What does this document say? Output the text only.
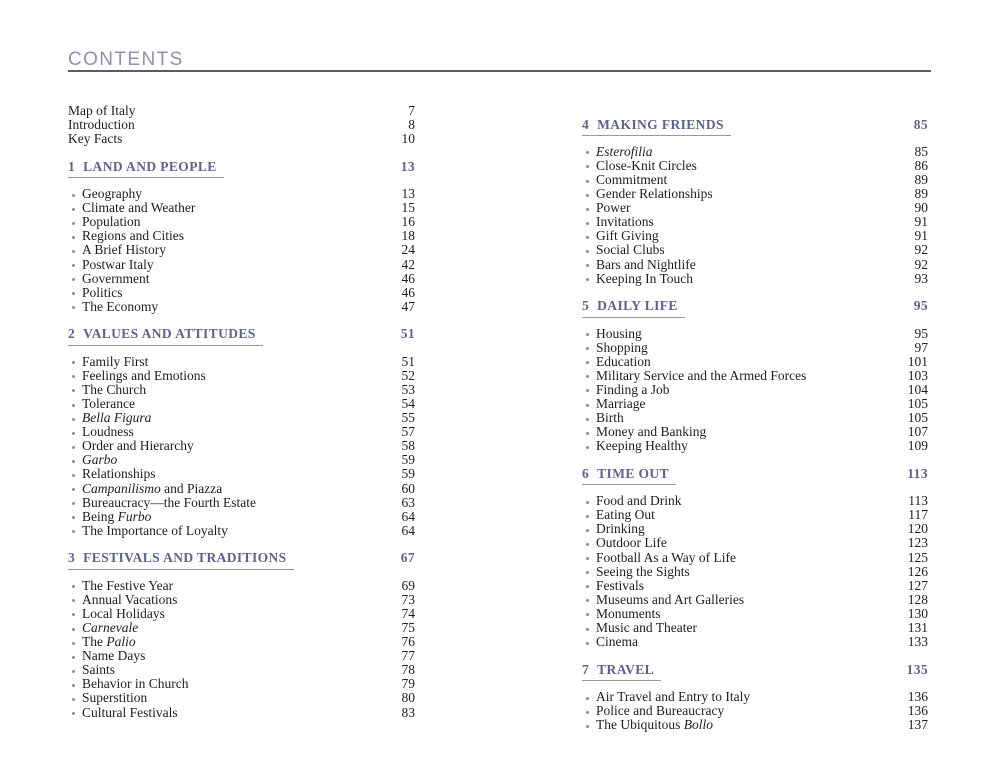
CONTENTS
Map of Italy	7
Introduction	8
Key Facts	10
1 LAND AND PEOPLE	13
Geography	13
Climate and Weather	15
Population	16
Regions and Cities	18
A Brief History	24
Postwar Italy	42
Government	46
Politics	46
The Economy	47
2 VALUES AND ATTITUDES	51
Family First	51
Feelings and Emotions	52
The Church	53
Tolerance	54
Bella Figura	55
Loudness	57
Order and Hierarchy	58
Garbo	59
Relationships	59
Campanilismo and Piazza	60
Bureaucracy—the Fourth Estate	63
Being Furbo	64
The Importance of Loyalty	64
3 FESTIVALS AND TRADITIONS	67
The Festive Year	69
Annual Vacations	73
Local Holidays	74
Carnevale	75
The Palio	76
Name Days	77
Saints	78
Behavior in Church	79
Superstition	80
Cultural Festivals	83
4 MAKING FRIENDS	85
Esterofilia	85
Close-Knit Circles	86
Commitment	89
Gender Relationships	89
Power	90
Invitations	91
Gift Giving	91
Social Clubs	92
Bars and Nightlife	92
Keeping In Touch	93
5 DAILY LIFE	95
Housing	95
Shopping	97
Education	101
Military Service and the Armed Forces	103
Finding a Job	104
Marriage	105
Birth	105
Money and Banking	107
Keeping Healthy	109
6 TIME OUT	113
Food and Drink	113
Eating Out	117
Drinking	120
Outdoor Life	123
Football As a Way of Life	125
Seeing the Sights	126
Festivals	127
Museums and Art Galleries	128
Monuments	130
Music and Theater	131
Cinema	133
7 TRAVEL	135
Air Travel and Entry to Italy	136
Police and Bureaucracy	136
The Ubiquitous Bollo	137
